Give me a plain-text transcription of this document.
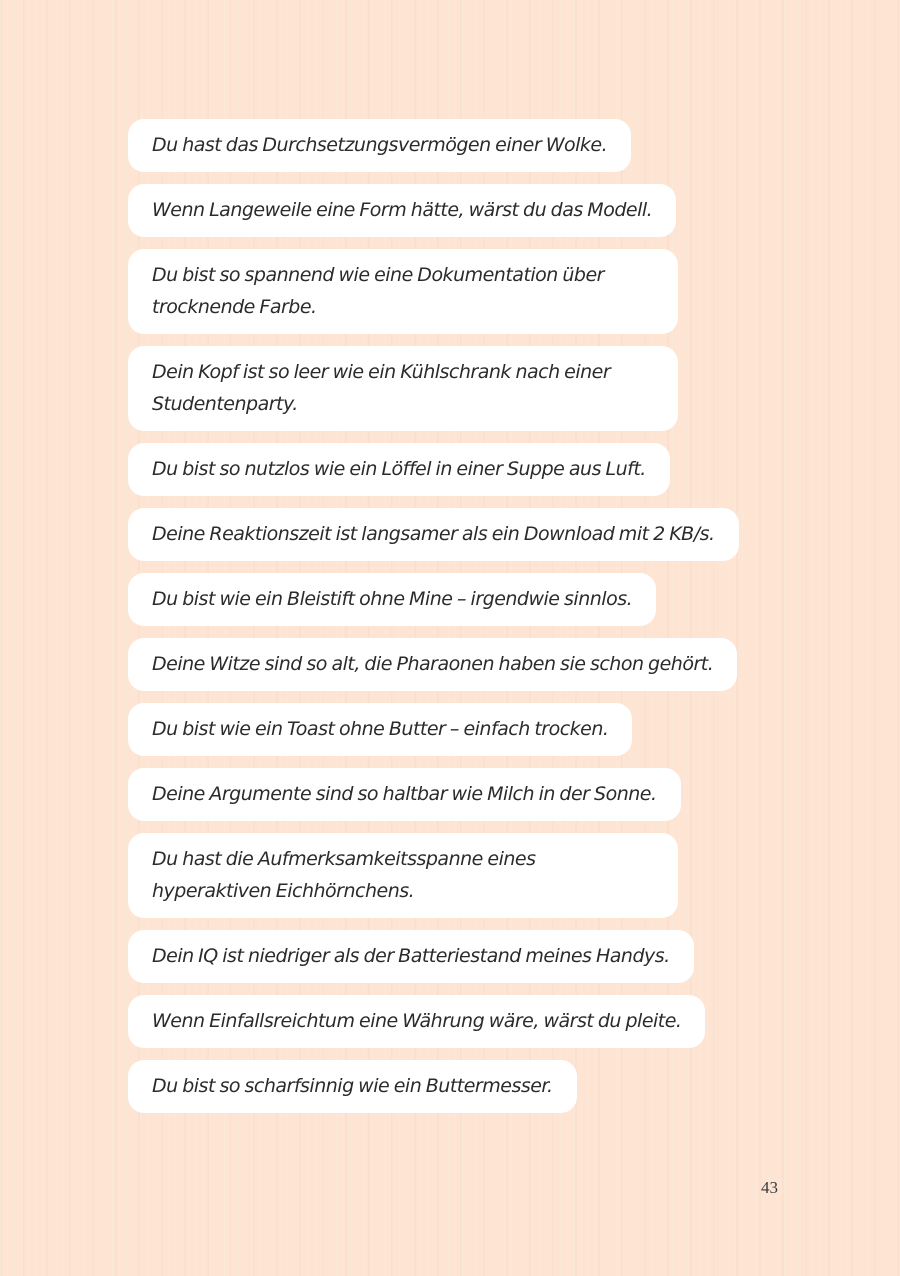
Du hast das Durchsetzungsvermögen einer Wolke.
Wenn Langeweile eine Form hätte, wärst du das Modell.
Du bist so spannend wie eine Dokumentation über trocknende Farbe.
Dein Kopf ist so leer wie ein Kühlschrank nach einer Studentenparty.
Du bist so nutzlos wie ein Löffel in einer Suppe aus Luft.
Deine Reaktionszeit ist langsamer als ein Download mit 2 KB/s.
Du bist wie ein Bleistift ohne Mine – irgendwie sinnlos.
Deine Witze sind so alt, die Pharaonen haben sie schon gehört.
Du bist wie ein Toast ohne Butter – einfach trocken.
Deine Argumente sind so haltbar wie Milch in der Sonne.
Du hast die Aufmerksamkeitsspanne eines hyperaktiven Eichhörnchens.
Dein IQ ist niedriger als der Batteriestand meines Handys.
Wenn Einfallsreichtum eine Währung wäre, wärst du pleite.
Du bist so scharfsinnig wie ein Buttermesser.
43
